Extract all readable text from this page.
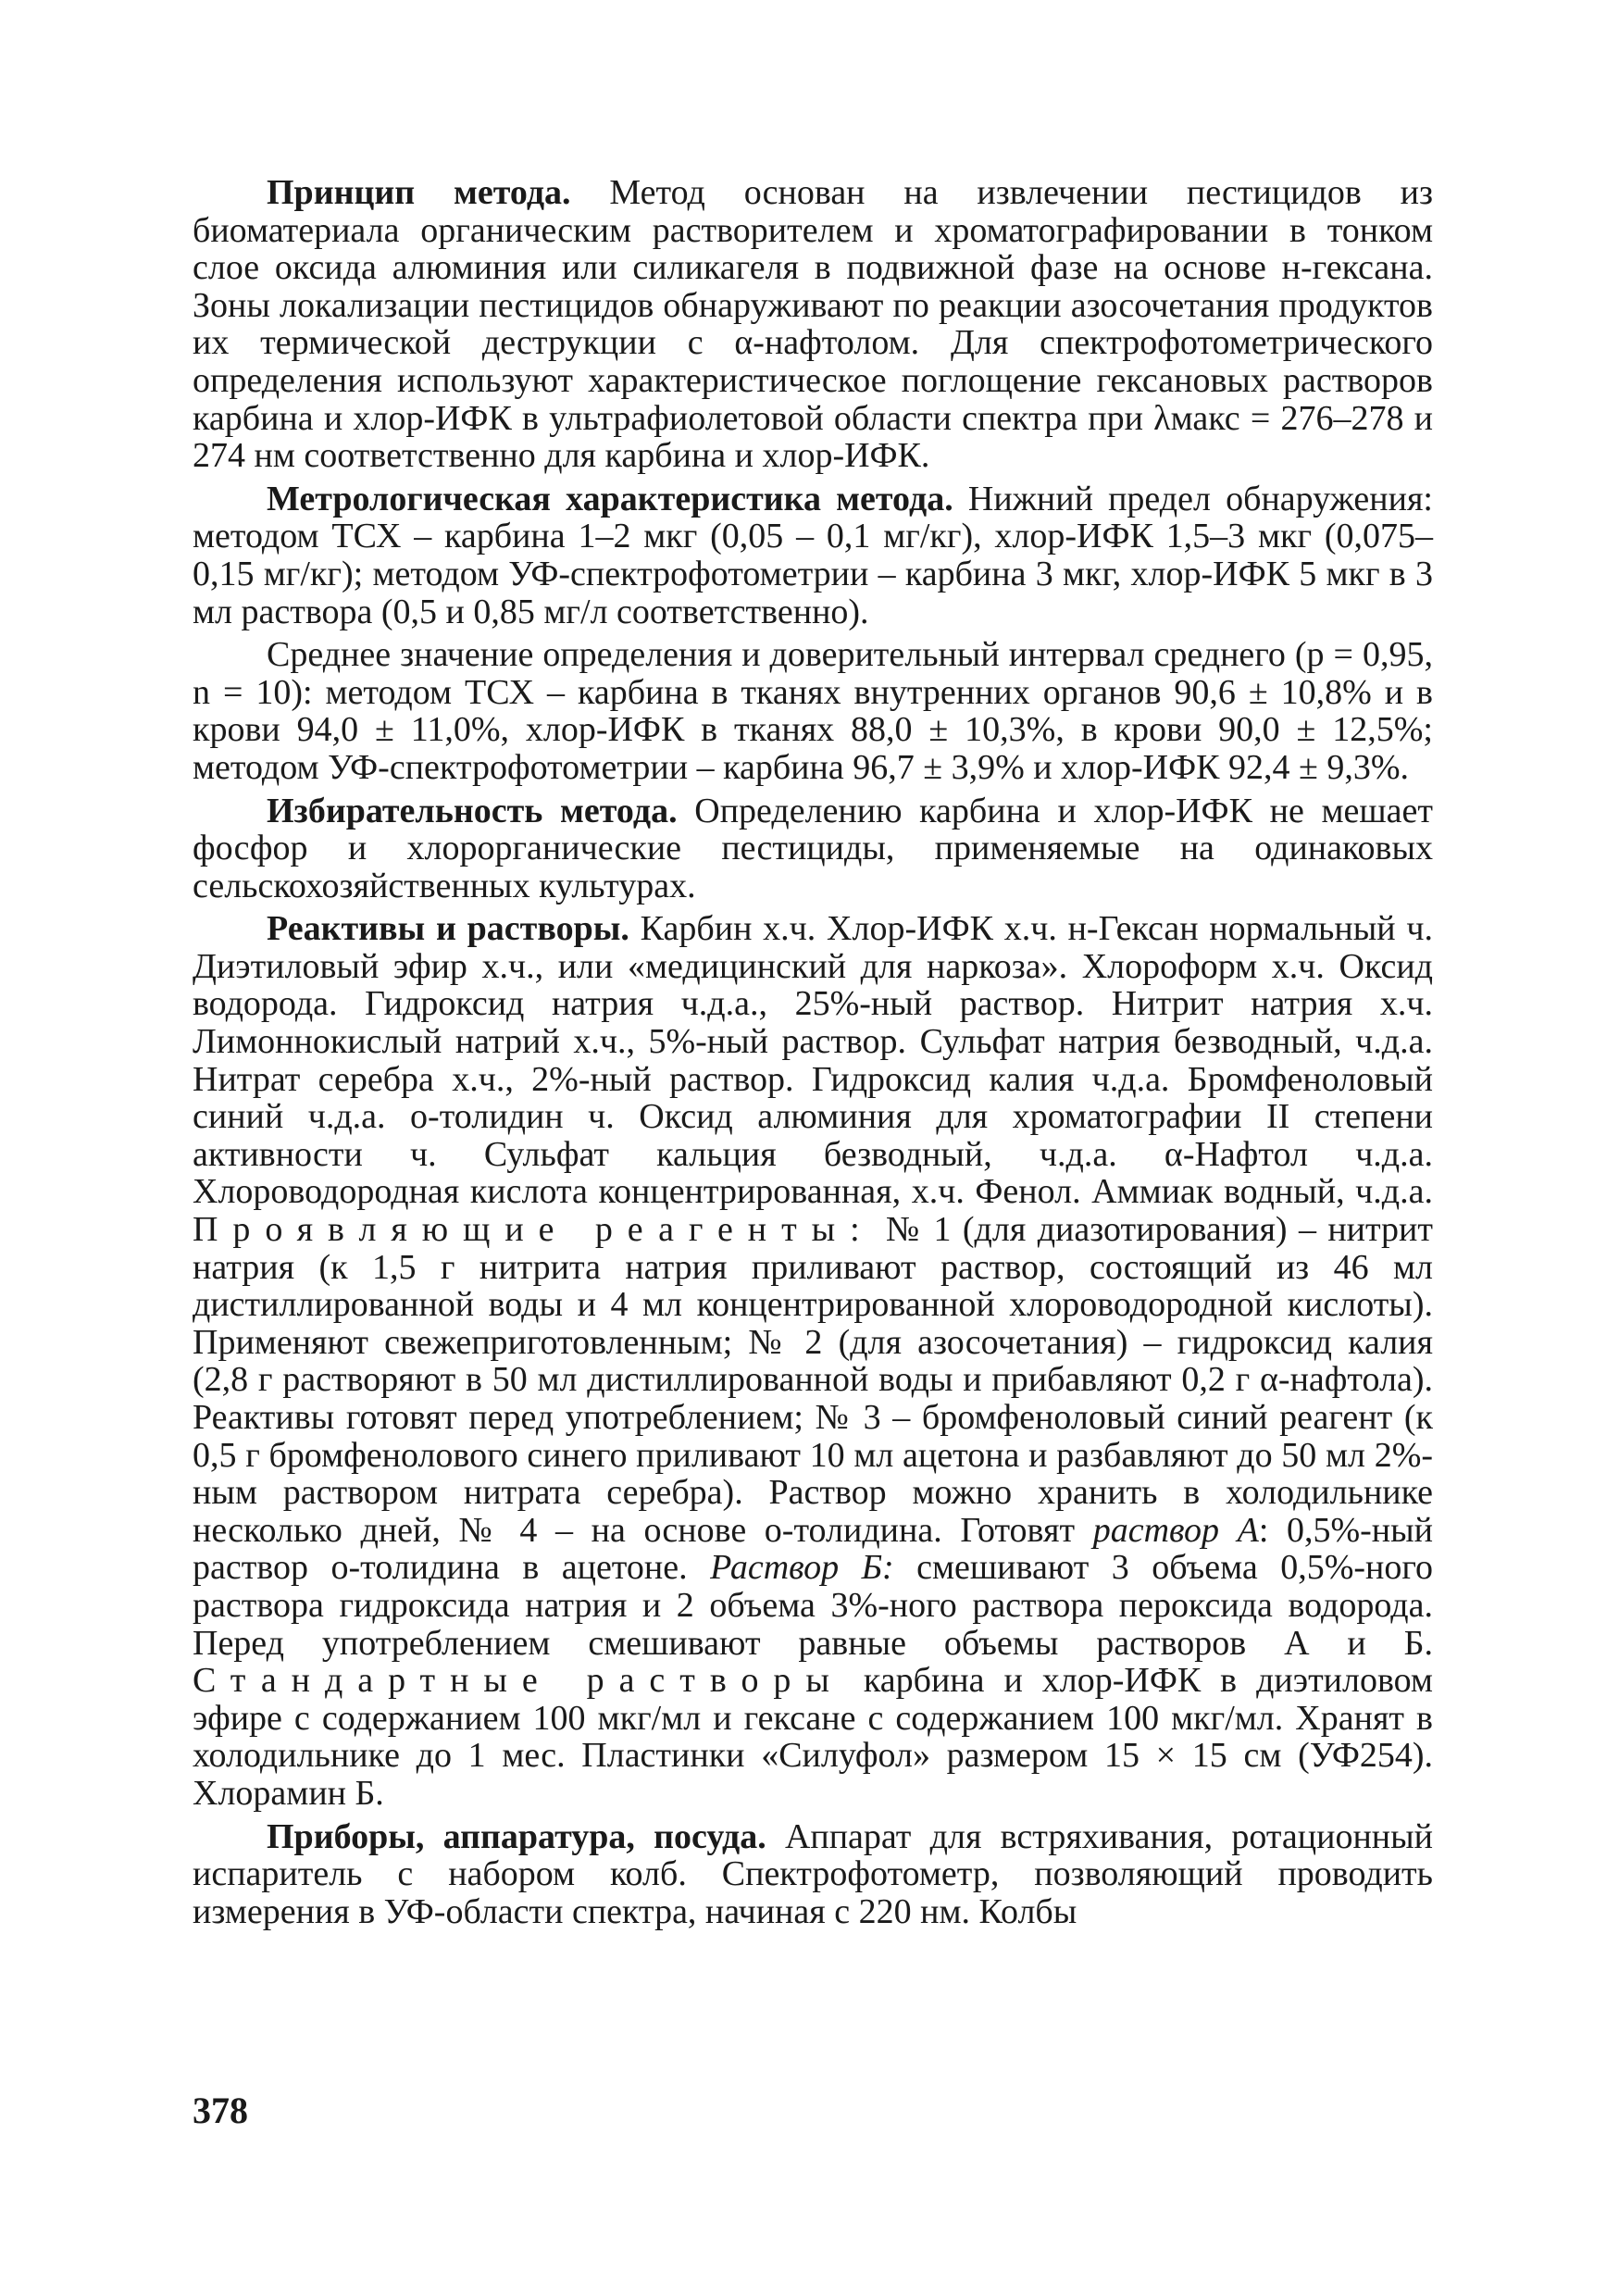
Принцип метода. Метод основан на извлечении пестицидов из биоматериала органическим растворителем и хроматографировании в тонком слое оксида алюминия или силикагеля в подвижной фазе на основе н-гексана. Зоны локализации пестицидов обнаруживают по реакции азосочетания продуктов их термической деструкции с α-нафтолом. Для спектрофотометрического определения используют характеристическое поглощение гексановых растворов карбина и хлор-ИФК в ультрафиолетовой области спектра при λмакс = 276–278 и 274 нм соответственно для карбина и хлор-ИФК.

Метрологическая характеристика метода. Нижний предел обнаружения: методом ТСХ – карбина 1–2 мкг (0,05 – 0,1 мг/кг), хлор-ИФК 1,5–3 мкг (0,075–0,15 мг/кг); методом УФ-спектрофотометрии – карбина 3 мкг, хлор-ИФК 5 мкг в 3 мл раствора (0,5 и 0,85 мг/л соответственно).

Среднее значение определения и доверительный интервал среднего (p = 0,95, n = 10): методом ТСХ – карбина в тканях внутренних органов 90,6 ± 10,8% и в крови 94,0 ± 11,0%, хлор-ИФК в тканях 88,0 ± 10,3%, в крови 90,0 ± 12,5%; методом УФ-спектрофотометрии – карбина 96,7 ± 3,9% и хлор-ИФК 92,4 ± 9,3%.

Избирательность метода. Определению карбина и хлор-ИФК не мешает фосфор и хлорорганические пестициды, применяемые на одинаковых сельскохозяйственных культурах.

Реактивы и растворы. Карбин х.ч. Хлор-ИФК х.ч. н-Гексан нормальный ч. Диэтиловый эфир х.ч., или «медицинский для наркоза». Хлороформ х.ч. Оксид водорода. Гидроксид натрия ч.д.а., 25%-ный раствор. Нитрит натрия х.ч. Лимоннокислый натрий х.ч., 5%-ный раствор. Сульфат натрия безводный, ч.д.а. Нитрат серебра х.ч., 2%-ный раствор. Гидроксид калия ч.д.а. Бромфеноловый синий ч.д.а. о-толидин ч. Оксид алюминия для хроматографии II степени активности ч. Сульфат кальция безводный, ч.д.а. α-Нафтол ч.д.а. Хлороводородная кислота концентрированная, х.ч. Фенол. Аммиак водный, ч.д.а. Проявляющие реагенты: № 1 (для диазотирования) – нитрит натрия (к 1,5 г нитрита натрия приливают раствор, состоящий из 46 мл дистиллированной воды и 4 мл концентрированной хлороводородной кислоты). Применяют свежеприготовленным; № 2 (для азосочетания) – гидроксид калия (2,8 г растворяют в 50 мл дистиллированной воды и прибавляют 0,2 г α-нафтола). Реактивы готовят перед употреблением; № 3 – бромфеноловый синий реагент (к 0,5 г бромфенолового синего приливают 10 мл ацетона и разбавляют до 50 мл 2%-ным раствором нитрата серебра). Раствор можно хранить в холодильнике несколько дней, № 4 – на основе о-толидина. Готовят раствор А: 0,5%-ный раствор о-толидина в ацетоне. Раствор Б: смешивают 3 объема 0,5%-ного раствора гидроксида натрия и 2 объема 3%-ного раствора пероксида водорода. Перед употреблением смешивают равные объемы растворов А и Б. Стандартные растворы карбина и хлор-ИФК в диэтиловом эфире с содержанием 100 мкг/мл и гексане с содержанием 100 мкг/мл. Хранят в холодильнике до 1 мес. Пластинки «Силуфол» размером 15 × 15 см (УФ254). Хлорамин Б.

Приборы, аппаратура, посуда. Аппарат для встряхивания, ротационный испаритель с набором колб. Спектрофотометр, позволяющий проводить измерения в УФ-области спектра, начиная с 220 нм. Колбы

378
